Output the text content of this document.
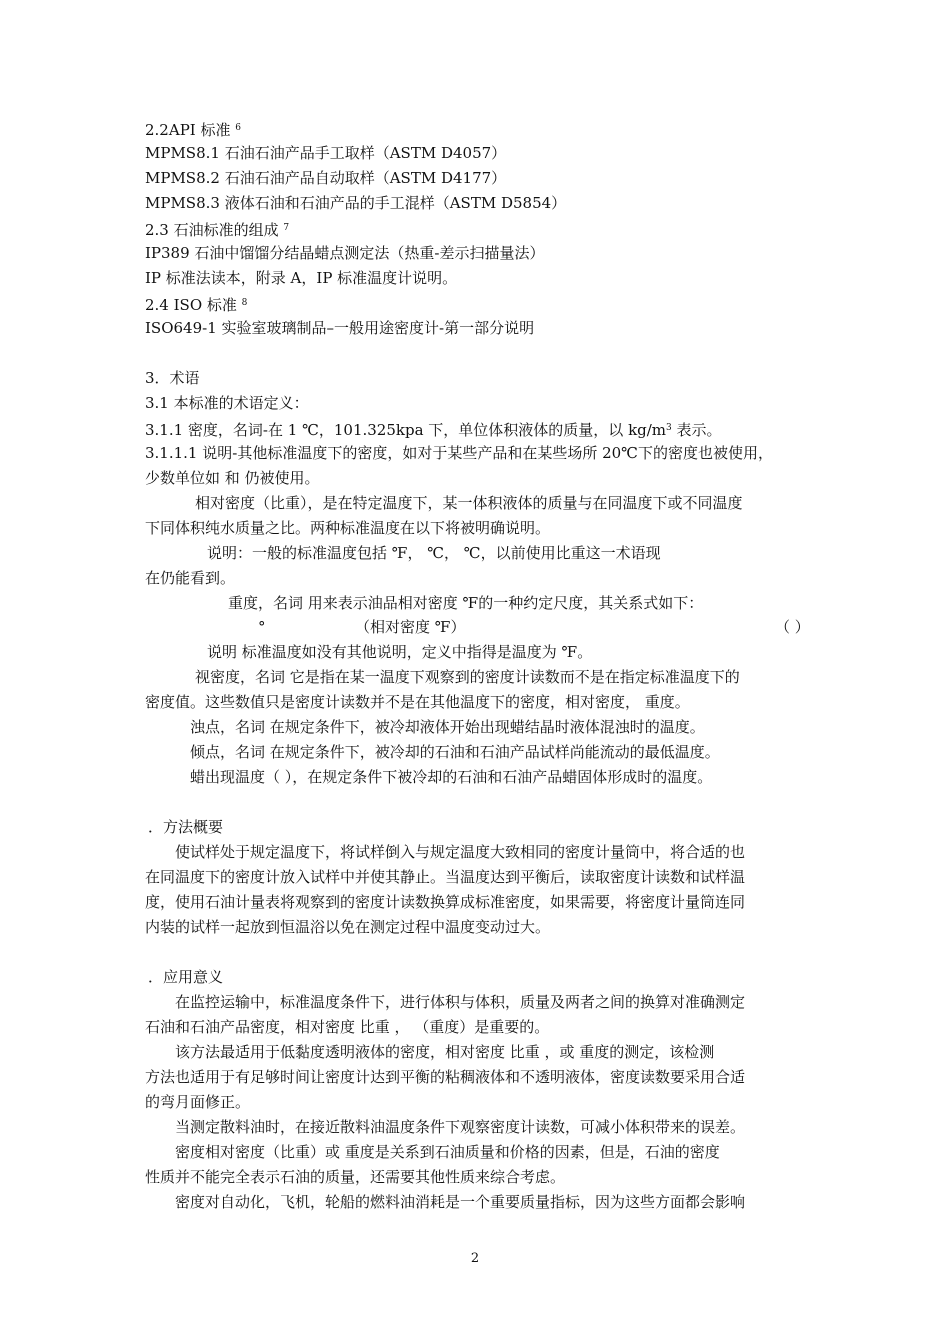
2.2API 标准 $^6$
MPMS8.1 石油石油产品手工取样（ASTM D4057）
MPMS8.2 石油石油产品自动取样（ASTM D4177）
MPMS8.3 液体石油和石油产品的手工混样（ASTM D5854）
2.3 石油标准的组成 $^7$
IP389 石油中馏馏分结晶蜡点测定法（热重-差示扫描量法）
IP 标准法读本，附录 A，IP 标准温度计说明。
2.4 ISO 标准 $^8$
ISO649-1 实验室玻璃制品–一般用途密度计-第一部分说明
3．术语
3.1 本标准的术语定义：
3.1.1 密度，名词-在 1 ℃，101.325kpa 下，单位体积液体的质量，以 $kg/m^3$ 表示。
3.1.1.1 说明-其他标准温度下的密度，如对于某些产品和在某些场所 20℃下的密度也被使用，
少数单位如 和 仍被使用。
相对密度（比重），是在特定温度下，某一体积液体的质量与在同温度下或不同温度
下同体积纯水质量之比。两种标准温度在以下将被明确说明。
说明：一般的标准温度包括 ℉， ℃， ℃，以前使用比重这一术语现
在仍能看到。
重度，名词 用来表示油品相对密度 ℉的一种约定尺度，其关系式如下：
°	（相对密度 ℉）	（ ）
说明 标准温度如没有其他说明，定义中指得是温度为 ℉。
视密度，名词 它是指在某一温度下观察到的密度计读数而不是在指定标准温度下的
密度值。这些数值只是密度计读数并不是在其他温度下的密度，相对密度， 重度。
浊点，名词 在规定条件下，被冷却液体开始出现蜡结晶时液体混浊时的温度。
倾点，名词 在规定条件下，被冷却的石油和石油产品试样尚能流动的最低温度。
蜡出现温度（ ），在规定条件下被冷却的石油和石油产品蜡固体形成时的温度。
．方法概要
使试样处于规定温度下，将试样倒入与规定温度大致相同的密度计量筒中，将合适的也
在同温度下的密度计放入试样中并使其静止。当温度达到平衡后，读取密度计读数和试样温
度，使用石油计量表将观察到的密度计读数换算成标准密度，如果需要，将密度计量筒连同
内装的试样一起放到恒温浴以免在测定过程中温度变动过大。
．应用意义
在监控运输中，标准温度条件下，进行体积与体积，质量及两者之间的换算对准确测定
石油和石油产品密度，相对密度 比重 ， （重度）是重要的。
该方法最适用于低黏度透明液体的密度，相对密度 比重 ，或 重度的测定，该检测
方法也适用于有足够时间让密度计达到平衡的粘稠液体和不透明液体，密度读数要采用合适
的弯月面修正。
当测定散料油时，在接近散料油温度条件下观察密度计读数，可减小体积带来的误差。
密度相对密度（比重）或 重度是关系到石油质量和价格的因素，但是，石油的密度
性质并不能完全表示石油的质量，还需要其他性质来综合考虑。
密度对自动化，飞机，轮船的燃料油消耗是一个重要质量指标，因为这些方面都会影响
2
